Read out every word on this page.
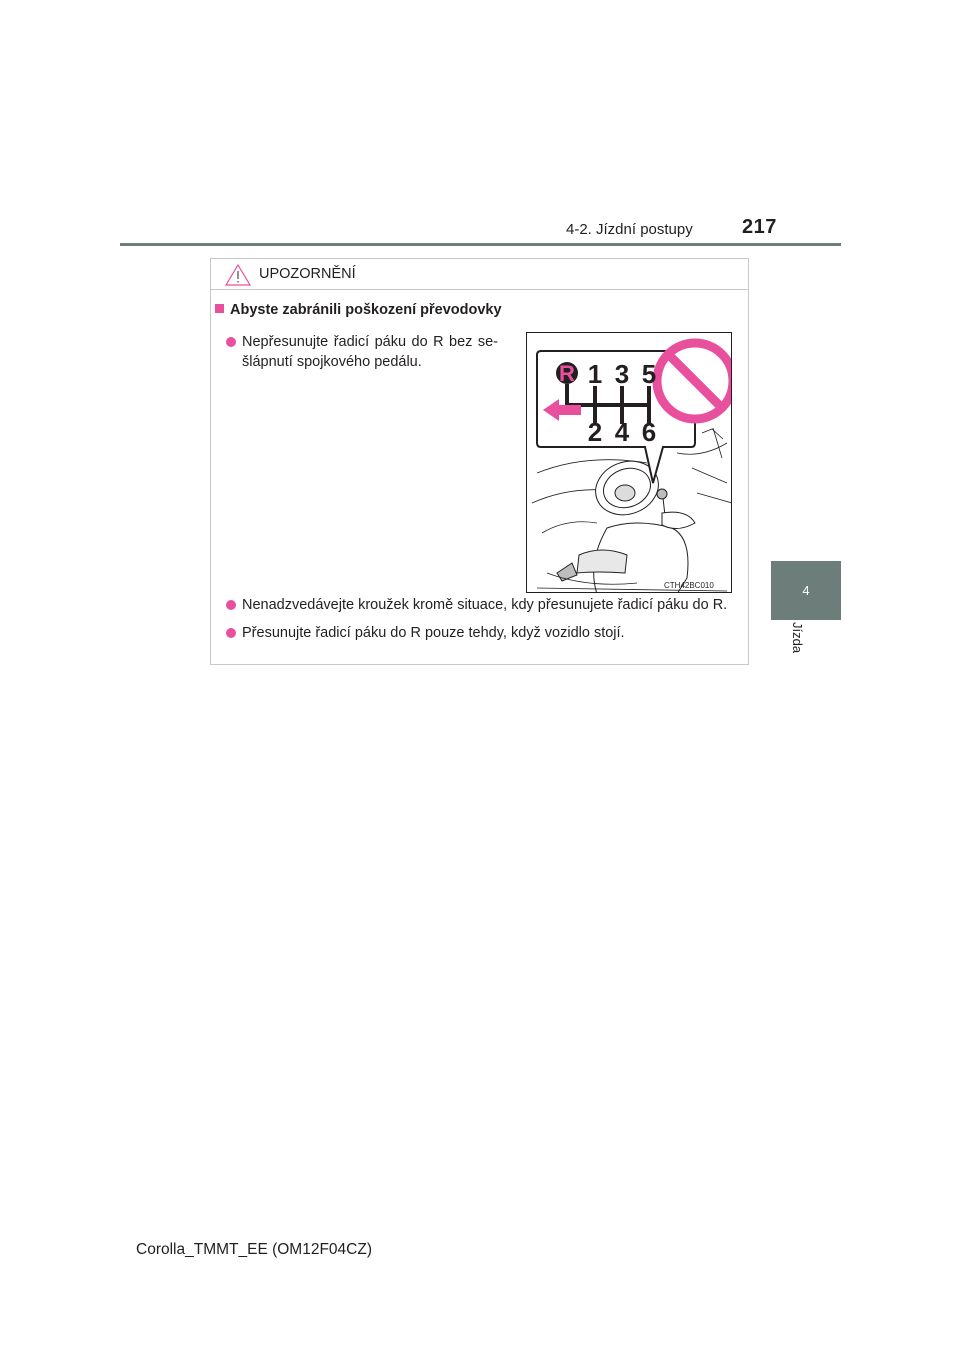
4-2. Jízdní postupy 217
4
Jízda
UPOZORNĚNÍ
Abyste zabránili poškození převodovky
Nepřesunujte řadicí páku do R bez sešlápnutí spojkového pedálu.	R 1 3 5
2 4 6
CTH42BC010
Nenadzvedávejte kroužek kromě situace, kdy přesunujete řadicí páku do R.
Přesunujte řadicí páku do R pouze tehdy, když vozidlo stojí.
Corolla_TMMT_EE (OM12F04CZ)
